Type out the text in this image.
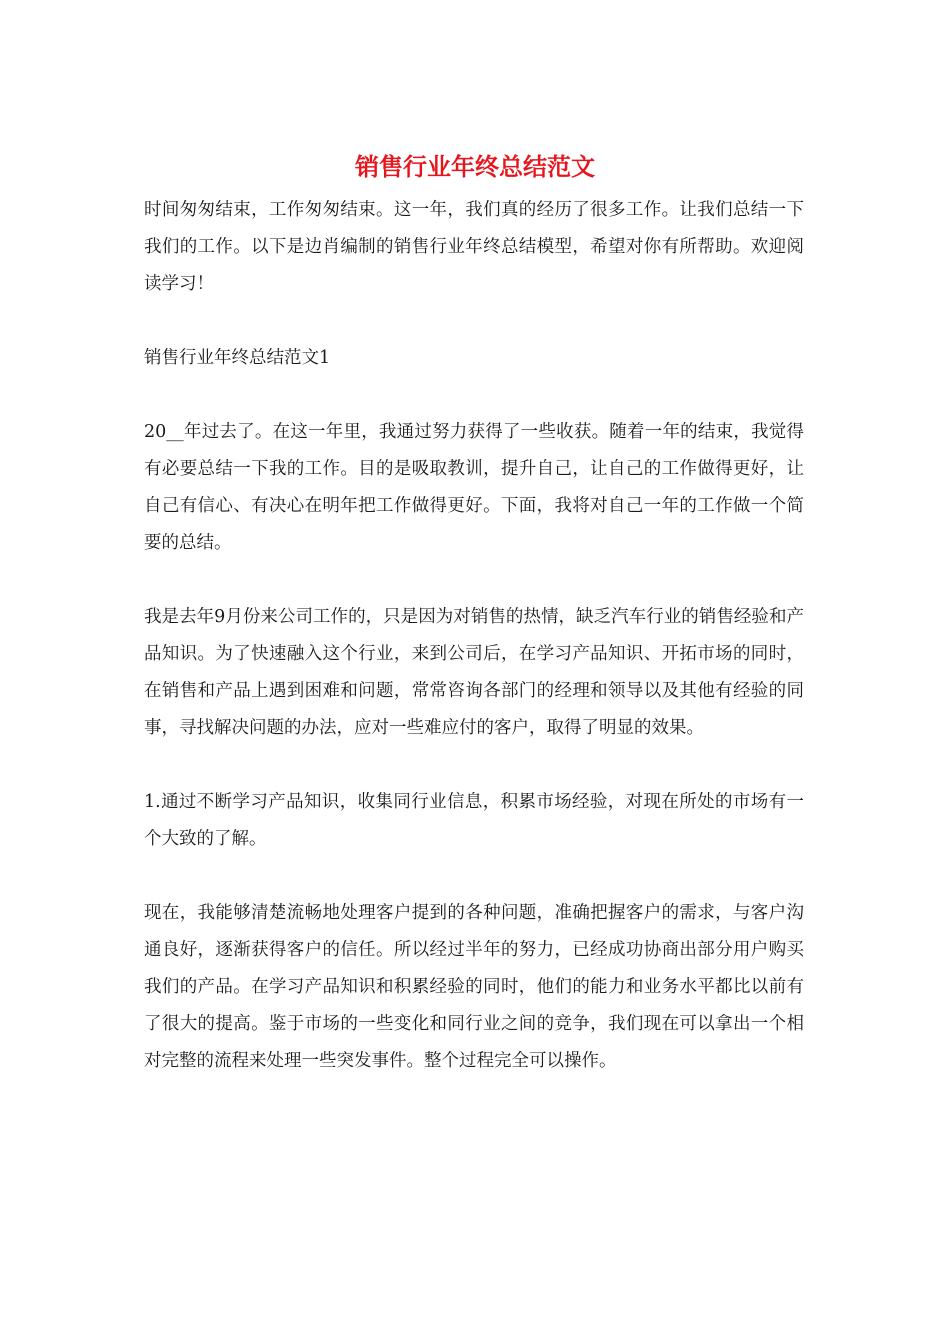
销售行业年终总结范文

时间匆匆结束，工作匆匆结束。这一年，我们真的经历了很多工作。让我们总结一下我们的工作。以下是边肖编制的销售行业年终总结模型，希望对你有所帮助。欢迎阅读学习！

销售行业年终总结范文1

20__年过去了。在这一年里，我通过努力获得了一些收获。随着一年的结束，我觉得有必要总结一下我的工作。目的是吸取教训，提升自己，让自己的工作做得更好，让自己有信心、有决心在明年把工作做得更好。下面，我将对自己一年的工作做一个简要的总结。

我是去年9月份来公司工作的，只是因为对销售的热情，缺乏汽车行业的销售经验和产品知识。为了快速融入这个行业，来到公司后，在学习产品知识、开拓市场的同时，在销售和产品上遇到困难和问题，常常咨询各部门的经理和领导以及其他有经验的同事，寻找解决问题的办法，应对一些难应付的客户，取得了明显的效果。

1.通过不断学习产品知识，收集同行业信息，积累市场经验，对现在所处的市场有一个大致的了解。

现在，我能够清楚流畅地处理客户提到的各种问题，准确把握客户的需求，与客户沟通良好，逐渐获得客户的信任。所以经过半年的努力，已经成功协商出部分用户购买我们的产品。在学习产品知识和积累经验的同时，他们的能力和业务水平都比以前有了很大的提高。鉴于市场的一些变化和同行业之间的竞争，我们现在可以拿出一个相对完整的流程来处理一些突发事件。整个过程完全可以操作。
